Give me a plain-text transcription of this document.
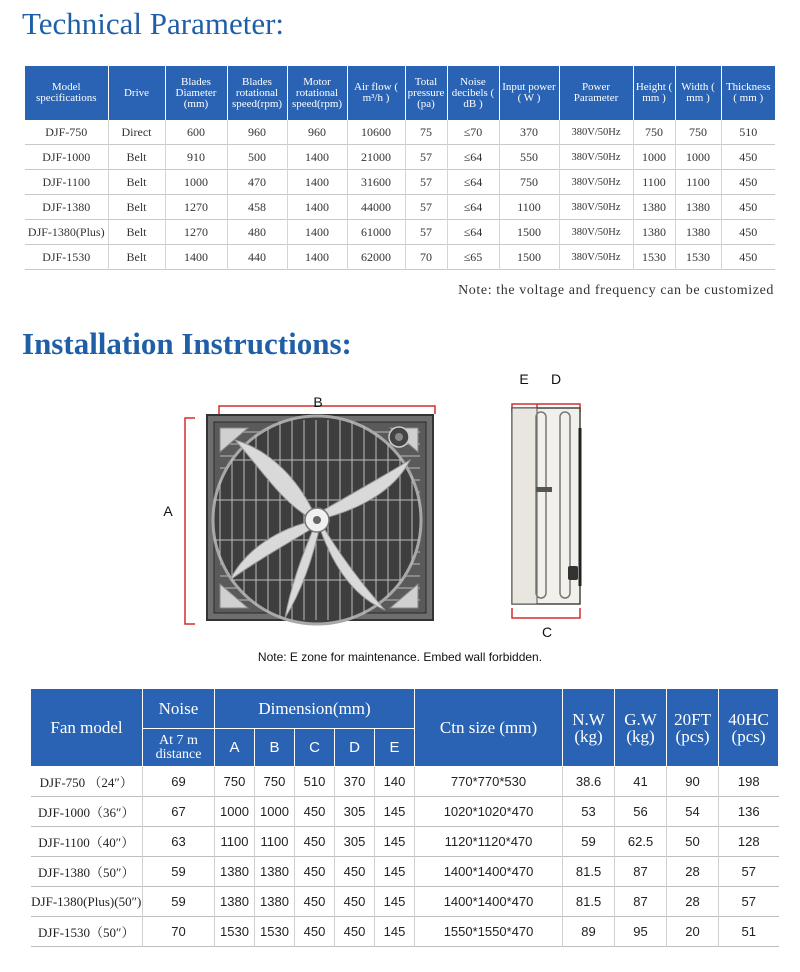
Technical Parameter:
Model specifications	Drive	Blades Diameter (mm)	Blades rotational speed(rpm)	Motor rotational speed(rpm)	Air flow ( m³/h )	Total pressure (pa)	Noise decibels ( dB )	Input power ( W )	Power Parameter	Height ( mm )	Width ( mm )	Thickness ( mm )
DJF-750	Direct	600	960	960	10600	75	≤70	370	380V/50Hz	750	750	510
DJF-1000	Belt	910	500	1400	21000	57	≤64	550	380V/50Hz	1000	1000	450
DJF-1100	Belt	1000	470	1400	31600	57	≤64	750	380V/50Hz	1100	1100	450
DJF-1380	Belt	1270	458	1400	44000	57	≤64	1100	380V/50Hz	1380	1380	450
DJF-1380(Plus)	Belt	1270	480	1400	61000	57	≤64	1500	380V/50Hz	1380	1380	450
DJF-1530	Belt	1400	440	1400	62000	70	≤65	1500	380V/50Hz	1530	1530	450
Note: the voltage and frequency can be customized
Installation Instructions:
B
A
E D
C
Note: E zone for maintenance. Embed wall forbidden.
Fan model	Noise	Dimension(mm)					Ctn size (mm)	N.W (kg)	G.W (kg)	20FT (pcs)	40HC (pcs)
	At 7 m distance	A	B	C	D	E					
DJF-750 （24″）	69	750	750	510	370	140	770*770*530	38.6	41	90	198
DJF-1000（36″）	67	1000	1000	450	305	145	1020*1020*470	53	56	54	136
DJF-1100（40″）	63	1100	1100	450	305	145	1120*1120*470	59	62.5	50	128
DJF-1380（50″）	59	1380	1380	450	450	145	1400*1400*470	81.5	87	28	57
DJF-1380(Plus)(50″)	59	1380	1380	450	450	145	1400*1400*470	81.5	87	28	57
DJF-1530（50″）	70	1530	1530	450	450	145	1550*1550*470	89	95	20	51
